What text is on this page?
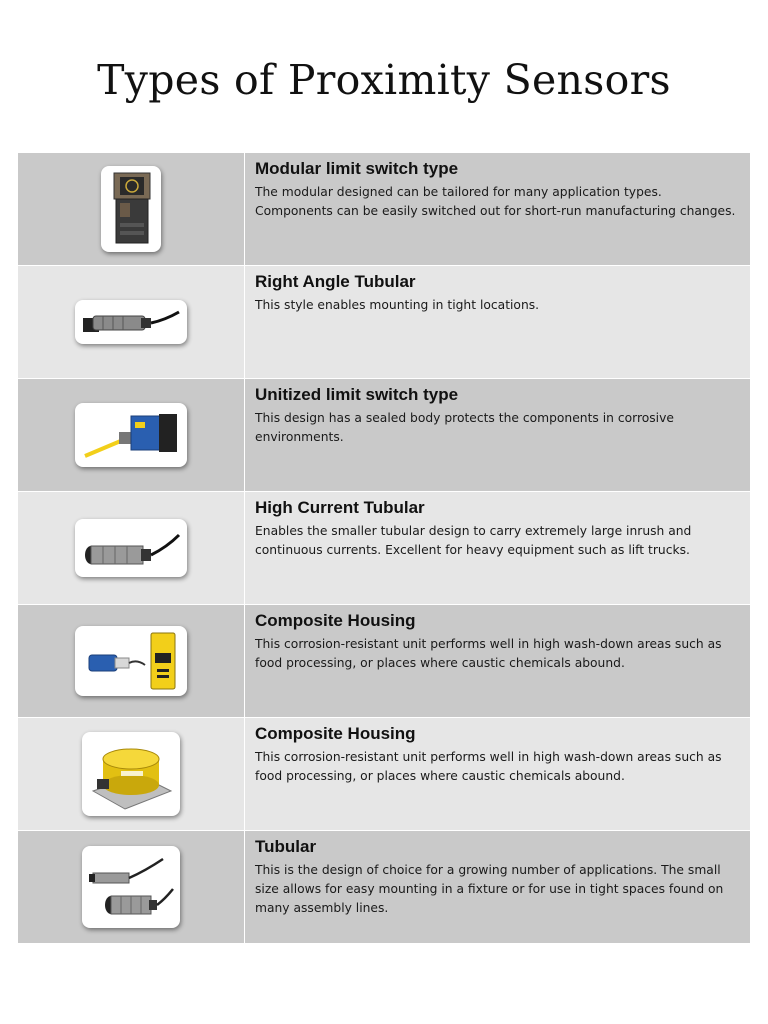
Types of Proximity Sensors
Modular limit switch type

The modular designed can be tailored for many application types. Components can be easily switched out for short-run manufacturing changes.

Right Angle Tubular

This style enables mounting in tight locations.

Unitized limit switch type

This design has a sealed body protects the components in corrosive environments.

High Current Tubular

Enables the smaller tubular design to carry extremely large inrush and continuous currents. Excellent for heavy equipment such as lift trucks.

Composite Housing

This corrosion-resistant unit performs well in high wash-down areas such as food processing, or places where caustic chemicals abound.

Composite Housing

This corrosion-resistant unit performs well in high wash-down areas such as food processing, or places where caustic chemicals abound.

Tubular

This is the design of choice for a growing number of applications. The small size allows for easy mounting in a fixture or for use in tight spaces found on many assembly lines.
